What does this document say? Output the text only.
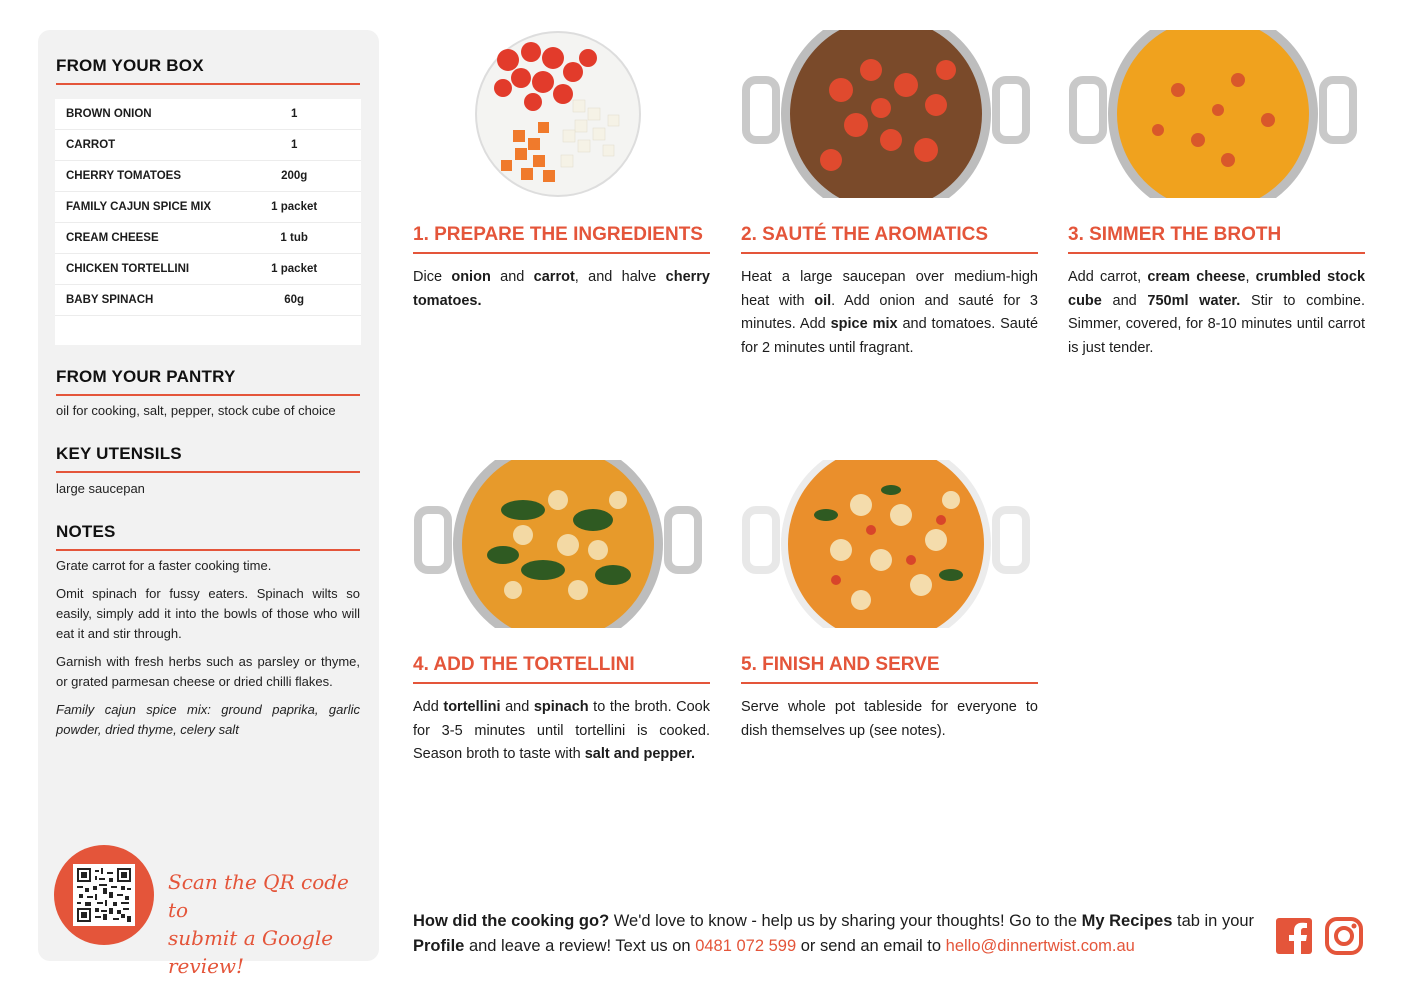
FROM YOUR BOX
BROWN ONION	1
CARROT	1
CHERRY TOMATOES	200g
FAMILY CAJUN SPICE MIX	1 packet
CREAM CHEESE	1 tub
CHICKEN TORTELLINI	1 packet
BABY SPINACH	60g
FROM YOUR PANTRY
oil for cooking, salt, pepper, stock cube of choice
KEY UTENSILS
large saucepan
NOTES

Grate carrot for a faster cooking time.

Omit spinach for fussy eaters. Spinach wilts so easily, simply add it into the bowls of those who will eat it and stir through.

Garnish with fresh herbs such as parsley or thyme, or grated parmesan cheese or dried chilli flakes.

Family cajun spice mix: ground paprika, garlic powder, dried thyme, celery salt

Scan the QR code to
submit a Google review!
1. PREPARE THE INGREDIENTS
Dice onion and carrot, and halve cherry tomatoes.
2. SAUTÉ THE AROMATICS
Heat a large saucepan over medium-high heat with oil. Add onion and sauté for 3 minutes. Add spice mix and tomatoes. Sauté for 2 minutes until fragrant.
3. SIMMER THE BROTH
Add carrot, cream cheese, crumbled stock cube and 750ml water. Stir to combine. Simmer, covered, for 8-10 minutes until carrot is just tender.
4. ADD THE TORTELLINI
Add tortellini and spinach to the broth. Cook for 3-5 minutes until tortellini is cooked. Season broth to taste with salt and pepper.
5. FINISH AND SERVE
Serve whole pot tableside for everyone to dish themselves up (see notes).
How did the cooking go? We'd love to know - help us by sharing your thoughts! Go to the My Recipes tab in your Profile and leave a review! Text us on 0481 072 599 or send an email to hello@dinnertwist.com.au
